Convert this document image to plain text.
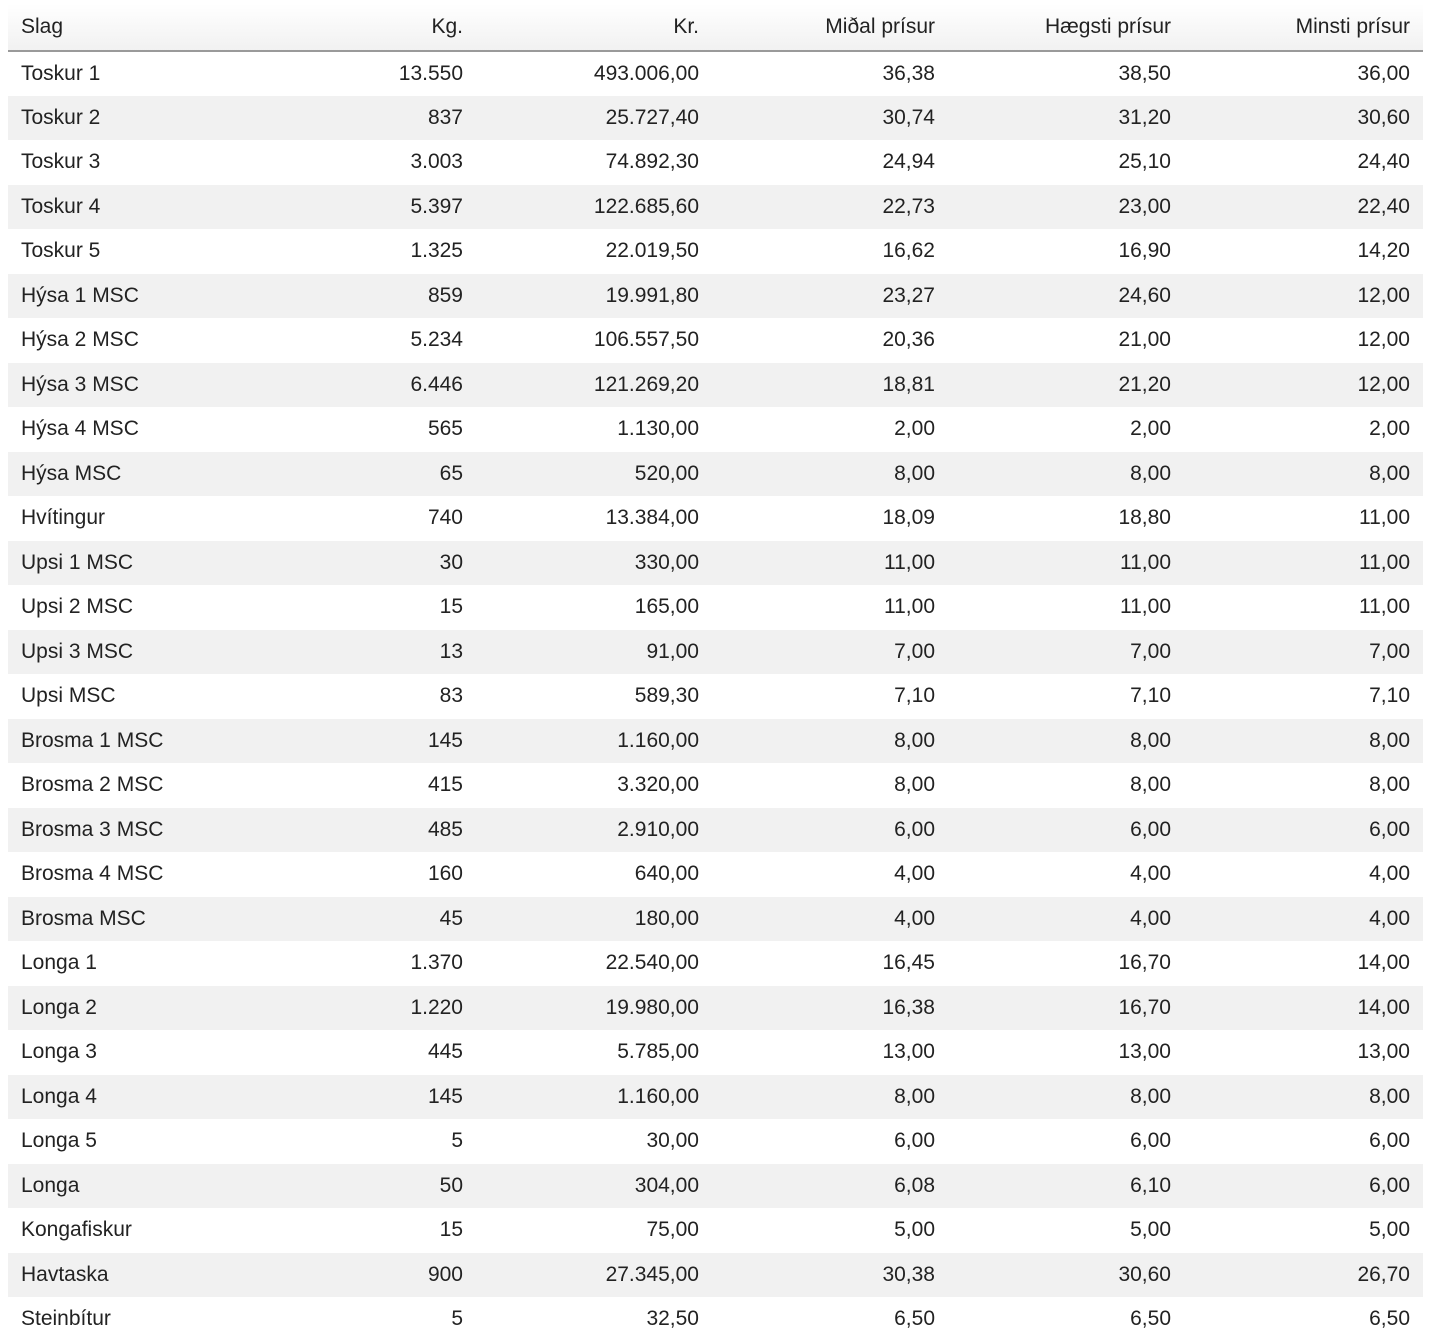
Slag	Kg.	Kr.	Miðal prísur	Hægsti prísur	Minsti prísur
Toskur 1	13.550	493.006,00	36,38	38,50	36,00
Toskur 2	837	25.727,40	30,74	31,20	30,60
Toskur 3	3.003	74.892,30	24,94	25,10	24,40
Toskur 4	5.397	122.685,60	22,73	23,00	22,40
Toskur 5	1.325	22.019,50	16,62	16,90	14,20
Hýsa 1 MSC	859	19.991,80	23,27	24,60	12,00
Hýsa 2 MSC	5.234	106.557,50	20,36	21,00	12,00
Hýsa 3 MSC	6.446	121.269,20	18,81	21,20	12,00
Hýsa 4 MSC	565	1.130,00	2,00	2,00	2,00
Hýsa MSC	65	520,00	8,00	8,00	8,00
Hvítingur	740	13.384,00	18,09	18,80	11,00
Upsi 1 MSC	30	330,00	11,00	11,00	11,00
Upsi 2 MSC	15	165,00	11,00	11,00	11,00
Upsi 3 MSC	13	91,00	7,00	7,00	7,00
Upsi MSC	83	589,30	7,10	7,10	7,10
Brosma 1 MSC	145	1.160,00	8,00	8,00	8,00
Brosma 2 MSC	415	3.320,00	8,00	8,00	8,00
Brosma 3 MSC	485	2.910,00	6,00	6,00	6,00
Brosma 4 MSC	160	640,00	4,00	4,00	4,00
Brosma MSC	45	180,00	4,00	4,00	4,00
Longa 1	1.370	22.540,00	16,45	16,70	14,00
Longa 2	1.220	19.980,00	16,38	16,70	14,00
Longa 3	445	5.785,00	13,00	13,00	13,00
Longa 4	145	1.160,00	8,00	8,00	8,00
Longa 5	5	30,00	6,00	6,00	6,00
Longa	50	304,00	6,08	6,10	6,00
Kongafiskur	15	75,00	5,00	5,00	5,00
Havtaska	900	27.345,00	30,38	30,60	26,70
Steinbítur	5	32,50	6,50	6,50	6,50
